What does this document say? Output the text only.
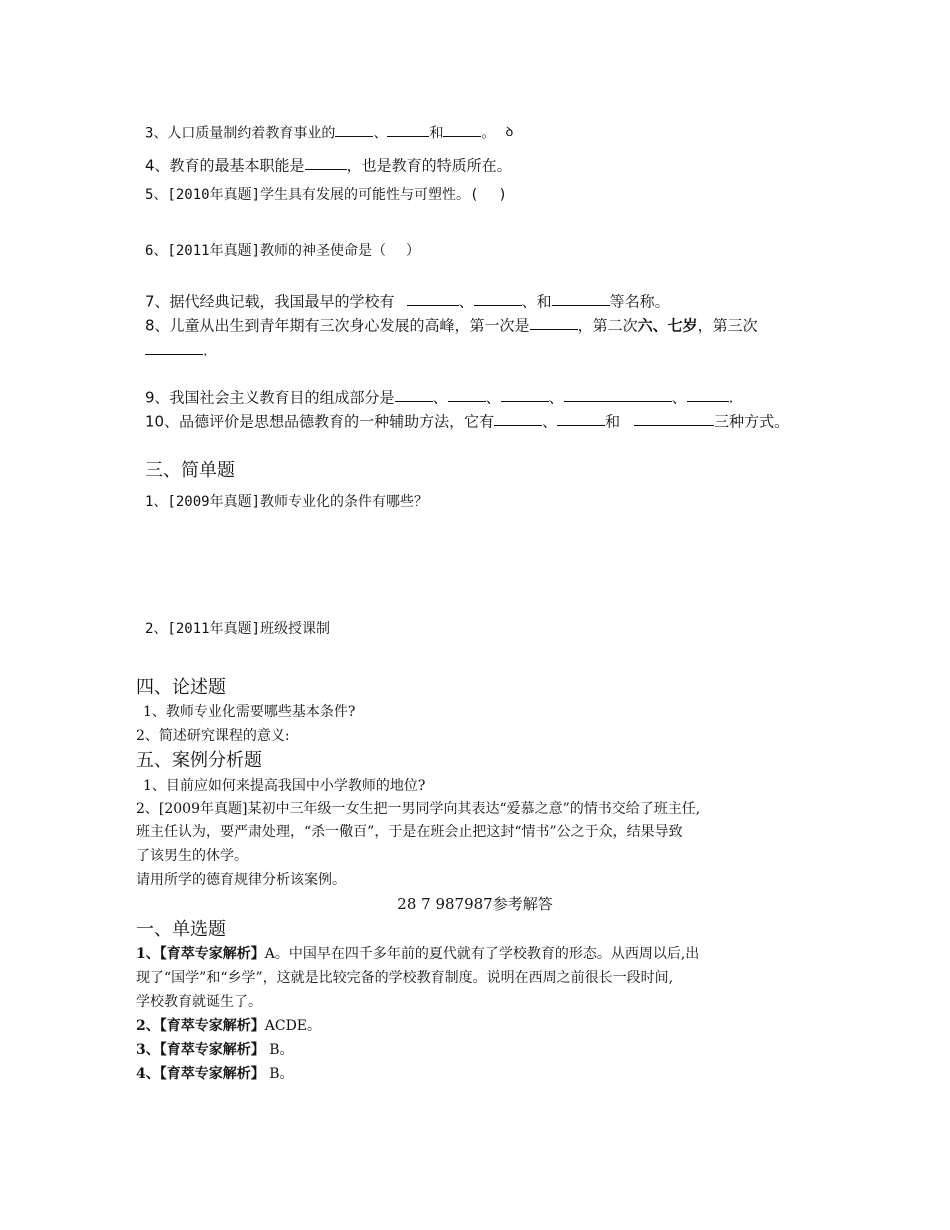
3、人口质量制约着教育事业的	、	和	。 ꝺ
4、教育的最基本职能是	，也是教育的特质所在。
5、[2010年真题]学生具有发展的可能性与可塑性。( )
6、[2011年真题]教师的神圣使命是（ ）
7、据代经典记载，我国最早的学校有	、	、和	等名称。
8、儿童从出生到青年期有三次身心发展的高峰，第一次是	，第二次六、七岁，第三次
.
9、我国社会主义教育目的组成部分是	、	、	、	、	.
10、品德评价是思想品德教育的一种辅助方法，它有	、	和	三种方式。
三、简单题
1、[2009年真题]教师专业化的条件有哪些？
2、[2011年真题]班级授课制
四、论述题
1、教师专业化需要哪些基本条件?
2、简述研究课程的意义:
五、案例分析题
1、目前应如何来提高我国中小学教师的地位?
2、[2009年真题]某初中三年级一女生把一男同学向其表达“爱慕之意”的情书交给了班主任,
班主任认为，要严肃处理，“杀一儆百”，于是在班会止把这封“情书”公之于众，结果导致
了该男生的休学。
请用所学的德育规律分析该案例。
28 7 987987参考解答
一、单选题
1、【育萃专家解析】A。中国早在四千多年前的夏代就有了学校教育的形态。从西周以后,出
现了“国学”和“乡学”，这就是比较完备的学校教育制度。说明在西周之前很长一段时间,
学校教育就诞生了。
2、【育萃专家解析】ACDE。
3、【育萃专家解析】 B。
4、【育萃专家解析】 B。
